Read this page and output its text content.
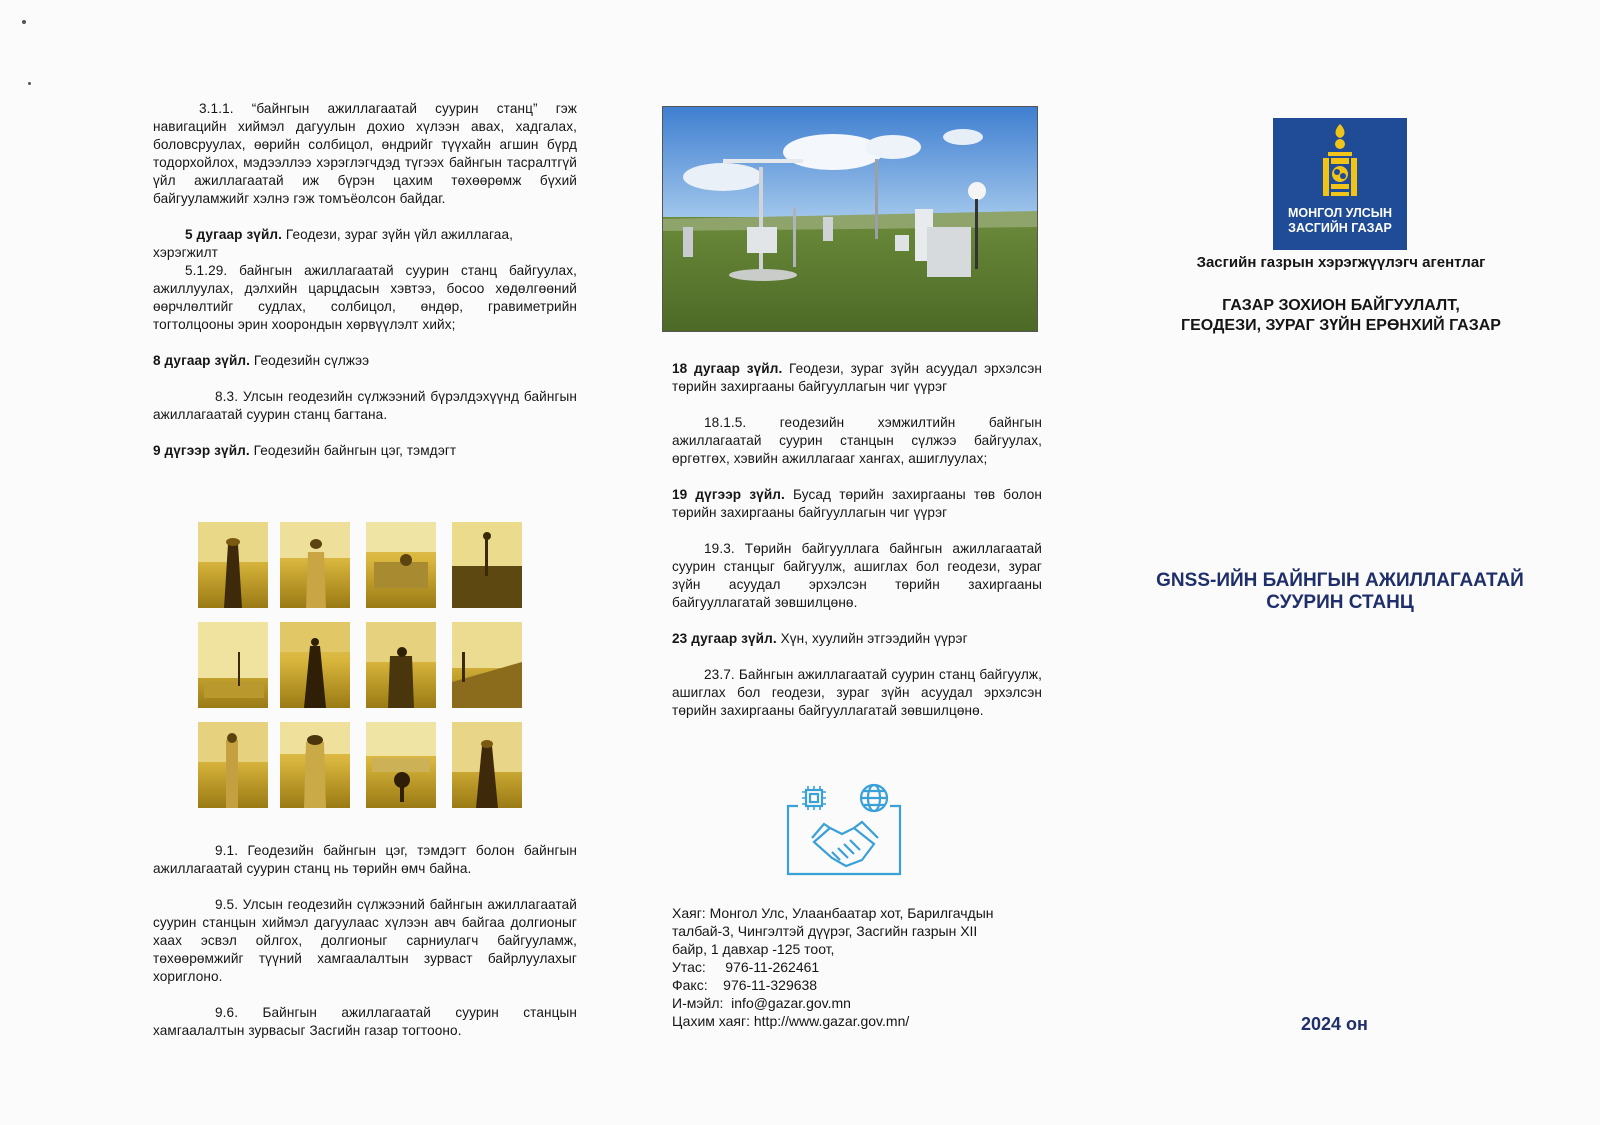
3.1.1. “байнгын ажиллагаатай суурин станц” гэж навигацийн хиймэл дагуулын дохио хүлээн авах, хадгалах, боловсруулах, өөрийн солбицол, өндрийг түүхайн агшин бүрд тодорхойлох, мэдээллээ хэрэглэгчдэд түгээх байнгын тасралтгүй үйл ажиллагаатай иж бүрэн цахим төхөөрөмж бүхий байгууламжийг хэлнэ гэж томъёолсон байдаг.

5 дугаар зүйл. Геодези, зураг зүйн үйл ажиллагаа, хэрэгжилт

5.1.29. байнгын ажиллагаатай суурин станц байгуулах, ажиллуулах, дэлхийн царцдасын хэвтээ, босоо хөдөлгөөний өөрчлөлтийг судлах, солбицол, өндөр, гравиметрийн тогтолцооны эрин хоорондын хөрвүүлэлт хийх;

8 дугаар зүйл. Геодезийн сүлжээ

8.3. Улсын геодезийн сүлжээний бүрэлдэхүүнд байнгын ажиллагаатай суурин станц багтана.

9 дүгээр зүйл. Геодезийн байнгын цэг, тэмдэгт

9.1. Геодезийн байнгын цэг, тэмдэгт болон байнгын ажиллагаатай суурин станц нь төрийн өмч байна.

9.5. Улсын геодезийн сүлжээний байнгын ажиллагаатай суурин станцын хиймэл дагуулаас хүлээн авч байгаа долгионыг хаах эсвэл ойлгох, долгионыг сарниулагч байгууламж, төхөөрөмжийг түүний хамгаалалтын зурваст байрлуулахыг хориглоно.

9.6. Байнгын ажиллагаатай суурин станцын хамгаалалтын зурвасыг Засгийн газар тогтооно.

18 дугаар зүйл. Геодези, зураг зүйн асуудал эрхэлсэн төрийн захиргааны байгууллагын чиг үүрэг

18.1.5. геодезийн хэмжилтийн байнгын ажиллагаатай суурин станцын сүлжээ байгуулах, өргөтгөх, хэвийн ажиллагааг хангах, ашиглуулах;

19 дүгээр зүйл. Бусад төрийн захиргааны төв болон төрийн захиргааны байгууллагын чиг үүрэг

19.3. Төрийн байгууллага байнгын ажиллагаатай суурин станцыг байгуулж, ашиглах бол геодези, зураг зүйн асуудал эрхэлсэн төрийн захиргааны байгууллагатай зөвшилцөнө.

23 дугаар зүйл. Хүн, хуулийн этгээдийн үүрэг

23.7. Байнгын ажиллагаатай суурин станц байгуулж, ашиглах бол геодези, зураг зүйн асуудал эрхэлсэн төрийн захиргааны байгууллагатай зөвшилцөнө.

Хаяг: Монгол Улс, Улаанбаатар хот, Барилгачдын

талбай-3, Чингэлтэй дүүрэг, Засгийн газрын XII

байр, 1 давхар -125 тоот,

Утас:     976-11-262461

Факс:    976-11-329638

И-мэйл:  info@gazar.gov.mn

Цахим хаяг: http://www.gazar.gov.mn/

МОНГОЛ УЛСЫН
ЗАСГИЙН ГАЗАР
Засгийн газрын хэрэгжүүлэгч агентлаг
ГАЗАР ЗОХИОН БАЙГУУЛАЛТ,
ГЕОДЕЗИ, ЗУРАГ ЗҮЙН ЕРӨНХИЙ ГАЗАР
GNSS-ИЙН БАЙНГЫН АЖИЛЛАГААТАЙ
СУУРИН СТАНЦ
2024 он
